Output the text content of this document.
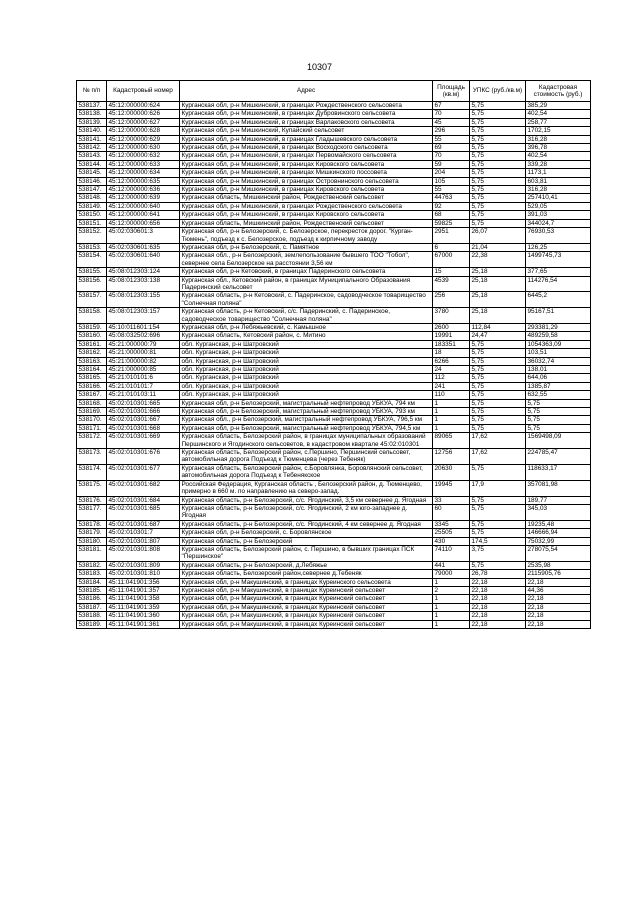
10307
№ п/п	Кадастровый номер	Адрес	Площадь (кв.м)	УПКС (руб./кв.м)	Кадастровая стоимость (руб.)
538137.	45:12:000000:624	Курганская обл, р-н Мишкинский, в границах Рождественского сельсовета	67	5,75	385,29
538138.	45:12:000000:626	Курганская обл, р-н Мишкинский, в границах Дубровинского сельсовета	70	5,75	402,54
538139.	45:12:000000:627	Курганская обл, р-н Мишкинский, в границах Варлаковского сельсовета	45	5,75	258,77
538140.	45:12:000000:628	Курганская обл, р-н Мишкинский, Купайский сельсовет	296	5,75	1702,15
538141.	45:12:000000:629	Курганская обл, р-н Мишкинский, в границах Гладышевского сельсовета	55	5,75	316,28
538142.	45:12:000000:630	Курганская обл, р-н Мишкинский, в границах Восходского сельсовета	69	5,75	396,78
538143.	45:12:000000:632	Курганская обл, р-н Мишкинский, в границах Первомайского сельсовета	70	5,75	402,54
538144.	45:12:000000:633	Курганская обл, р-н Мишкинский, в границах Кировского сельсовета	59	5,75	339,28
538145.	45:12:000000:634	Курганская обл, р-н Мишкинский, в границах Мишкинского поссовета	204	5,75	1173,1
538146.	45:12:000000:635	Курганская обл, р-н Мишкинский, в границах Островнинского сельсовета	105	5,75	603,81
538147.	45:12:000000:636	Курганская обл, р-н Мишкинский, в границах Кировского сельсовета	55	5,75	316,28
538148.	45:12:000000:639	Курганская область, Мишкинский район, Рождественский сельсовет	44763	5,75	257410,41
538149.	45:12:000000:640	Курганская обл, р-н Мишкинский, в границах Рождественского сельсовета	92	5,75	529,05
538150.	45:12:000000:641	Курганская обл, р-н Мишкинский, в границах Кировского сельсовета	68	5,75	391,03
538151.	45:12:000000:656	Курганская область, Мишкинский район, Рождественский сельсовет	59825	5,75	344024,7
538152.	45:02:030601:3	Курганская обл, р-н Белозерский, с. Белозерское, перекресток дорог. "Курган-Тюмень", подъезд к с. Белозерское, подъезд к кирпичному заводу	2951	26,07	76930,53
538153.	45:02:030601:635	Курганская обл, р-н Белозерский, с. Памятное	6	21,04	126,25
538154.	45:02:030601:640	Курганская обл., р-н Белозерский, землепользование бывшего ТОО "Тобол", севернее села Белозерское на расстоянии 3,56 км	67000	22,38	1499745,73
538155.	45:08:012303:124	Курганская обл, р-н Кетовский, в границах Падеринского сельсовета	15	25,18	377,65
538156.	45:08:012303:138	Курганская обл., Кетовский район, в границах Муниципального Образования Падеринский сельсовет	4539	25,18	114276,54
538157.	45:08:012303:155	Курганская область, р-н Кетовский, с. Падеринское, садоводческое товарищество "Солнечная поляна"	256	25,18	6445,2
538158.	45:08:012303:157	Курганская область, р-н Кетовский, с/с. Падеринский, с. Падеринское, садоводческое товарищество "Солнечная поляна"	3780	25,18	95167,51
538159.	45:10:011601:154	Курганская обл, р-н Лебяжьевский, с. Камышное	2600	112,84	293381,29
538160.	45:08:032502:696	Курганская область, Кетовский район, с. Митино	19991	24,47	489259,58
538161.	45:21:000000:79	обл. Курганская, р-н Шатровский	183351	5,75	1054363,09
538162.	45:21:000000:81	обл. Курганская, р-н Шатровский	18	5,75	103,51
538163.	45:21:000000:82	обл. Курганская, р-н Шатровский	6266	5,75	36032,74
538164.	45:21:000000:85	обл. Курганская, р-н Шатровский	24	5,75	138,01
538165.	45:21:010101:6	обл. Курганская, р-н Шатровский	112	5,75	644,06
538166.	45:21:010101:7	обл. Курганская, р-н Шатровский	241	5,75	1385,87
538167.	45:21:010103:11	обл. Курганская, р-н Шатровский	110	5,75	632,55
538168.	45:02:010301:665	Курганская обл, р-н Белозерский, магистральный нефтепровод УБКУА, 794 км	1	5,75	5,75
538169.	45:02:010301:666	Курганская обл, р-н Белозерский, магистральный нефтепровод УБКУА, 793 км	1	5,75	5,75
538170.	45:02:010301:667	Курганская обл., р-н Белозерский, магистральный нефтепровод УБКУА, 796,5 км	1	5,75	5,75
538171.	45:02:010301:668	Курганская обл, р-н Белозерский, магистральный нефтепровод УБКУА, 794,5 км	1	5,75	5,75
538172.	45:02:010301:669	Курганская область, Белозерский район, в границах муниципальных образований Першинского и Ягодинского сельсоветов, в кадастровом квартале 45:02:010301	89065	17,62	1569498,09
538173.	45:02:010301:676	Курганская область, Белозерский район, с.Першино, Першинский сельсовет, автомобильная дорога Подъезд к Тюменцева (через Тебеняк)	12756	17,62	224785,47
538174.	45:02:010301:677	Курганская область, Белозерский район, с.Боровлянка, Боровлянский сельсовет, автомобильная дорога Подъезд к Тебенякское	20630	5,75	118633,17
538175.	45:02:010301:682	Российская Федерация, Курганская область , Белозерский район, д. Тюменцево, примерно в 660 м. по направлению на северо-запад.	19945	17,9	357081,98
538176.	45:02:010301:684	Курганская область, р-н Белозерский, с/с. Ягодинский, 3,5 км севернее д. Ягодная	33	5,75	189,77
538177.	45:02:010301:685	Курганская область, р-н Белозерский, с/с. Ягодинский, 2 км юго-западнее д. Ягодная	60	5,75	345,03
538178.	45:02:010301:687	Курганская область, р-н Белозерский, с/с. Ягодинский, 4 км севернее д. Ягодная	3345	5,75	19235,48
538179.	45:02:010301:7	Курганская обл, р-н Белозерский, с. Боровлянское	25505	5,75	146666,94
538180.	45:02:010301:807	Курганская область, р-н Белозерский	430	174,5	75032,99
538181.	45:02:010301:808	Курганская область, Белозерский район, с. Першино, в бывших границах ПСК "Першинское"	74110	3,75	278075,54
538182.	45:02:010301:809	Курганская область, р-н Белозерский, д.Лебяжье	441	5,75	2535,98
538183.	45:02:010301:810	Курганская область, Белозерский район,севернее д.Тебеняк	79000	26,78	2115905,76
538184.	45:11:041901:356	Курганская обл, р-н Макушинский, в границах Куреинского сельсовета	1	22,18	22,18
538185.	45:11:041901:357	Курганская обл, р-н Макушинский, в границах Куреинский сельсовет	2	22,18	44,36
538186.	45:11:041901:358	Курганская обл, р-н Макушинский, в границах Куреинский сельсовет	1	22,18	22,18
538187.	45:11:041901:359	Курганская обл, р-н Макушинский, в границах Куреинский сельсовет	1	22,18	22,18
538188.	45:11:041901:360	Курганская обл, р-н Макушинский, в границах Куреинский сельсовет	1	22,18	22,18
538189.	45:11:041901:361	Курганская обл, р-н Макушинский, в границах Куреинский сельсовет	1	22,18	22,18
